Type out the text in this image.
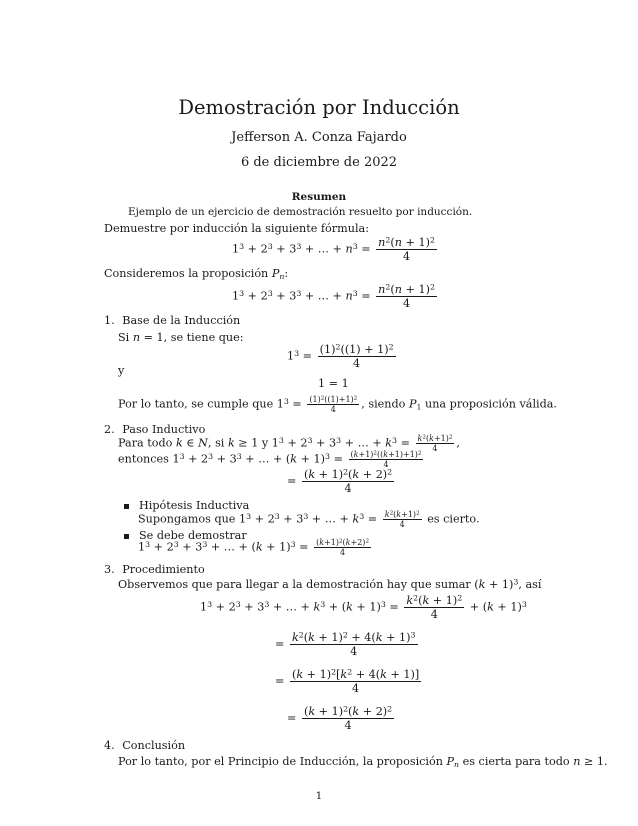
Demostración por Inducción
Jefferson A. Conza Fajardo
6 de diciembre de 2022
Resumen
Ejemplo de un ejercicio de demostración resuelto por inducción.
Demuestre por inducción la siguiente fórmula:
$1^3 + 2^3 + 3^3$ + … + $n^3 = \frac{n^2(n + 1)^2}{4}$
Consideremos la proposición $P_n$:
$1^3 + 2^3 + 3^3$ + … + $n^3 = \frac{n^2(n + 1)^2}{4}$
1. Base de la Inducción
Si n = 1, se tiene que:
$1^3 = \frac{(1)^2((1) + 1)^2}{4}$
y
1 = 1
Por lo tanto, se cumple que $1^3 = \frac{(1)^2((1)+1)^2}{4}$ , siendo $P_1$ una proposición válida.
2. Paso Inductivo
Para todo k ∈ N, si k ≥ 1 y $1^3 + 2^3 + 3^3$ + … + $k^3 = \frac{k^2(k+1)^2}{4}$ ,
entonces $1^3 + 2^3 + 3^3$ + … + $(k + 1)^3 = \frac{(k+1)^2((k+1)+1)^2}{4}$
= $\frac{(k + 1)^2(k + 2)^2}{4}$
Hipótesis Inductiva
Supongamos que $1^3 + 2^3 + 3^3$ + … + $k^3 = \frac{k^2(k+1)^2}{4}$ es cierto.
Se debe demostrar
$1^3 + 2^3 + 3^3$ + … + $(k + 1)^3 = \frac{(k+1)^2(k+2)^2}{4}$
3. Procedimiento
Observemos que para llegar a la demostración hay que sumar $(k + 1)^3$, así
$1^3 + 2^3 + 3^3$ + … + $k^3 + (k + 1)^3 = \frac{k^2(k + 1)^2}{4} + (k + 1)^3$
= $\frac{k^2(k + 1)^2 + 4(k + 1)^3}{4}$
= $\frac{(k + 1)^2[k^2 + 4(k + 1)]}{4}$
= $\frac{(k + 1)^2(k + 2)^2}{4}$
4. Conclusión
Por lo tanto, por el Principio de Inducción, la proposición $P_n$ es cierta para todo n ≥ 1.
1
